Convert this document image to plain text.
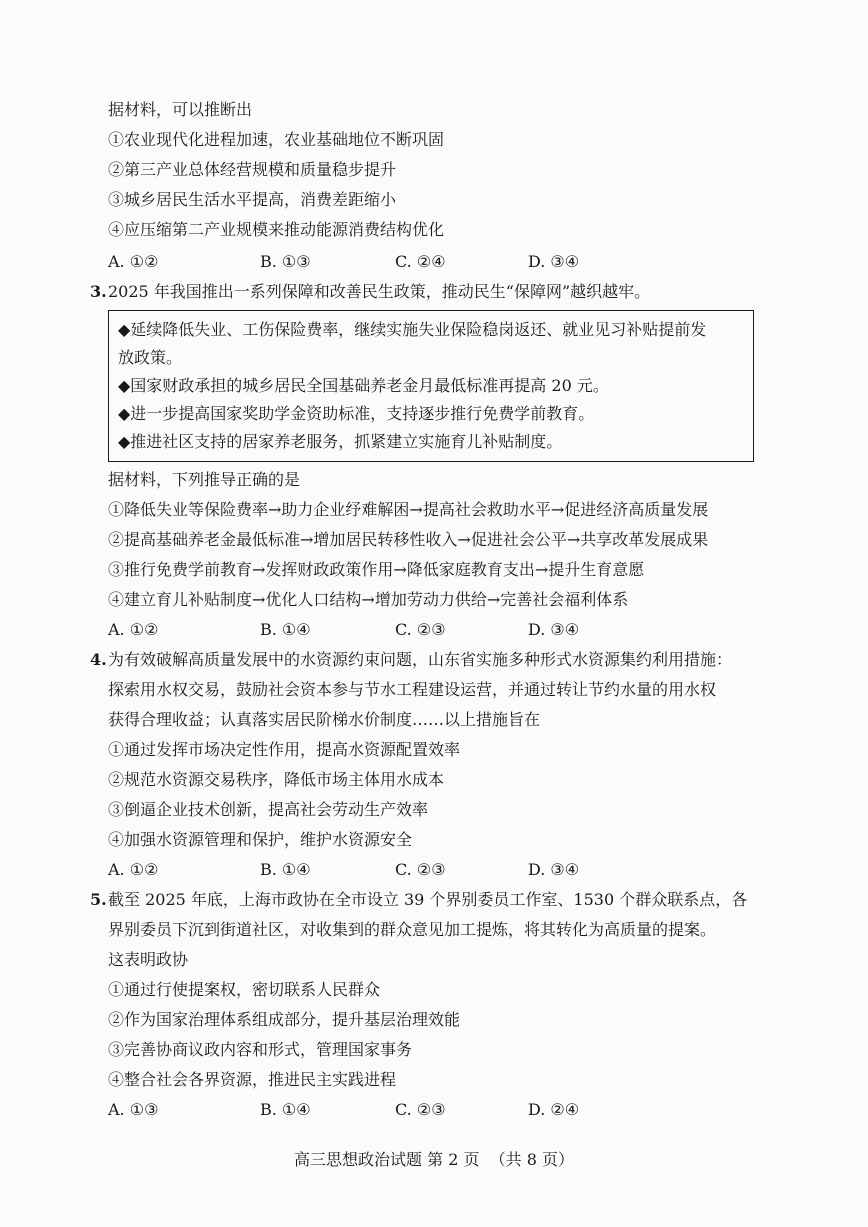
据材料，可以推断出
①农业现代化进程加速，农业基础地位不断巩固
②第三产业总体经营规模和质量稳步提升
③城乡居民生活水平提高，消费差距缩小
④应压缩第二产业规模来推动能源消费结构优化
A. ①②	B. ①③	C. ②④	D. ③④
3. 2025 年我国推出一系列保障和改善民生政策，推动民生“保障网”越织越牢。
◆延续降低失业、工伤保险费率，继续实施失业保险稳岗返还、就业见习补贴提前发
放政策。
◆国家财政承担的城乡居民全国基础养老金月最低标准再提高 20 元。
◆进一步提高国家奖助学金资助标准，支持逐步推行免费学前教育。
◆推进社区支持的居家养老服务，抓紧建立实施育儿补贴制度。
据材料，下列推导正确的是
①降低失业等保险费率→助力企业纾难解困→提高社会救助水平→促进经济高质量发展
②提高基础养老金最低标准→增加居民转移性收入→促进社会公平→共享改革发展成果
③推行免费学前教育→发挥财政政策作用→降低家庭教育支出→提升生育意愿
④建立育儿补贴制度→优化人口结构→增加劳动力供给→完善社会福利体系
A. ①②	B. ①④	C. ②③	D. ③④
4. 为有效破解高质量发展中的水资源约束问题，山东省实施多种形式水资源集约利用措施：
探索用水权交易，鼓励社会资本参与节水工程建设运营，并通过转让节约水量的用水权
获得合理收益；认真落实居民阶梯水价制度……以上措施旨在
①通过发挥市场决定性作用，提高水资源配置效率
②规范水资源交易秩序，降低市场主体用水成本
③倒逼企业技术创新，提高社会劳动生产效率
④加强水资源管理和保护，维护水资源安全
A. ①②	B. ①④	C. ②③	D. ③④
5. 截至 2025 年底，上海市政协在全市设立 39 个界别委员工作室、1530 个群众联系点，各
界别委员下沉到街道社区，对收集到的群众意见加工提炼，将其转化为高质量的提案。
这表明政协
①通过行使提案权，密切联系人民群众
②作为国家治理体系组成部分，提升基层治理效能
③完善协商议政内容和形式，管理国家事务
④整合社会各界资源，推进民主实践进程
A. ①③	B. ①④	C. ②③	D. ②④
高三思想政治试题 第 2 页  （共 8 页）
